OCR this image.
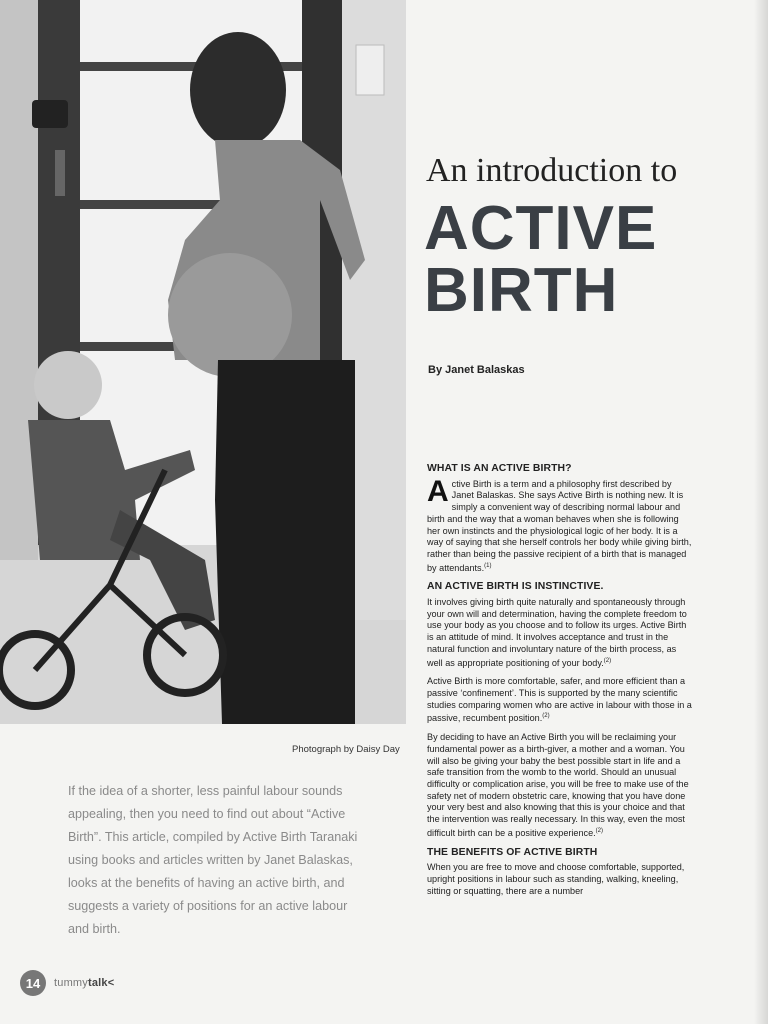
Photograph by Daisy Day

If the idea of a shorter, less painful labour sounds appealing, then you need to find out about “Active Birth”. This article, compiled by Active Birth Taranaki using books and articles written by Janet Balaskas, looks at the benefits of having an active birth, and suggests a variety of positions for an active labour and birth.

An introduction to
ACTIVE
BIRTH
By Janet Balaskas
WHAT IS AN ACTIVE BIRTH?

Active Birth is a term and a philosophy first described by Janet Balaskas. She says Active Birth is nothing new. It is simply a convenient way of describing normal labour and birth and the way that a woman behaves when she is following her own instincts and the physiological logic of her body. It is a way of saying that she herself controls her body while giving birth, rather than being the passive recipient of a birth that is managed by attendants.$^{(1)}$

AN ACTIVE BIRTH IS INSTINCTIVE.

It involves giving birth quite naturally and spontaneously through your own will and determination, having the complete freedom to use your body as you choose and to follow its urges. Active Birth is an attitude of mind. It involves acceptance and trust in the natural function and involuntary nature of the birth process, as well as appropriate positioning of your body.$^{(2)}$

Active Birth is more comfortable, safer, and more efficient than a passive ‘confinement’. This is supported by the many scientific studies comparing women who are active in labour with those in a passive, recumbent position.$^{(2)}$

By deciding to have an Active Birth you will be reclaiming your fundamental power as a birth-giver, a mother and a woman. You will also be giving your baby the best possible start in life and a safe transition from the womb to the world. Should an unusual difficulty or complication arise, you will be free to make use of the safety net of modern obstetric care, knowing that you have done your very best and also knowing that this is your choice and that the intervention was really necessary. In this way, even the most difficult birth can be a positive experience.$^{(2)}$

THE BENEFITS OF ACTIVE BIRTH

When you are free to move and choose comfortable, supported, upright positions in labour such as standing, walking, kneeling, sitting or squatting, there are a number

14	tummytalk<
